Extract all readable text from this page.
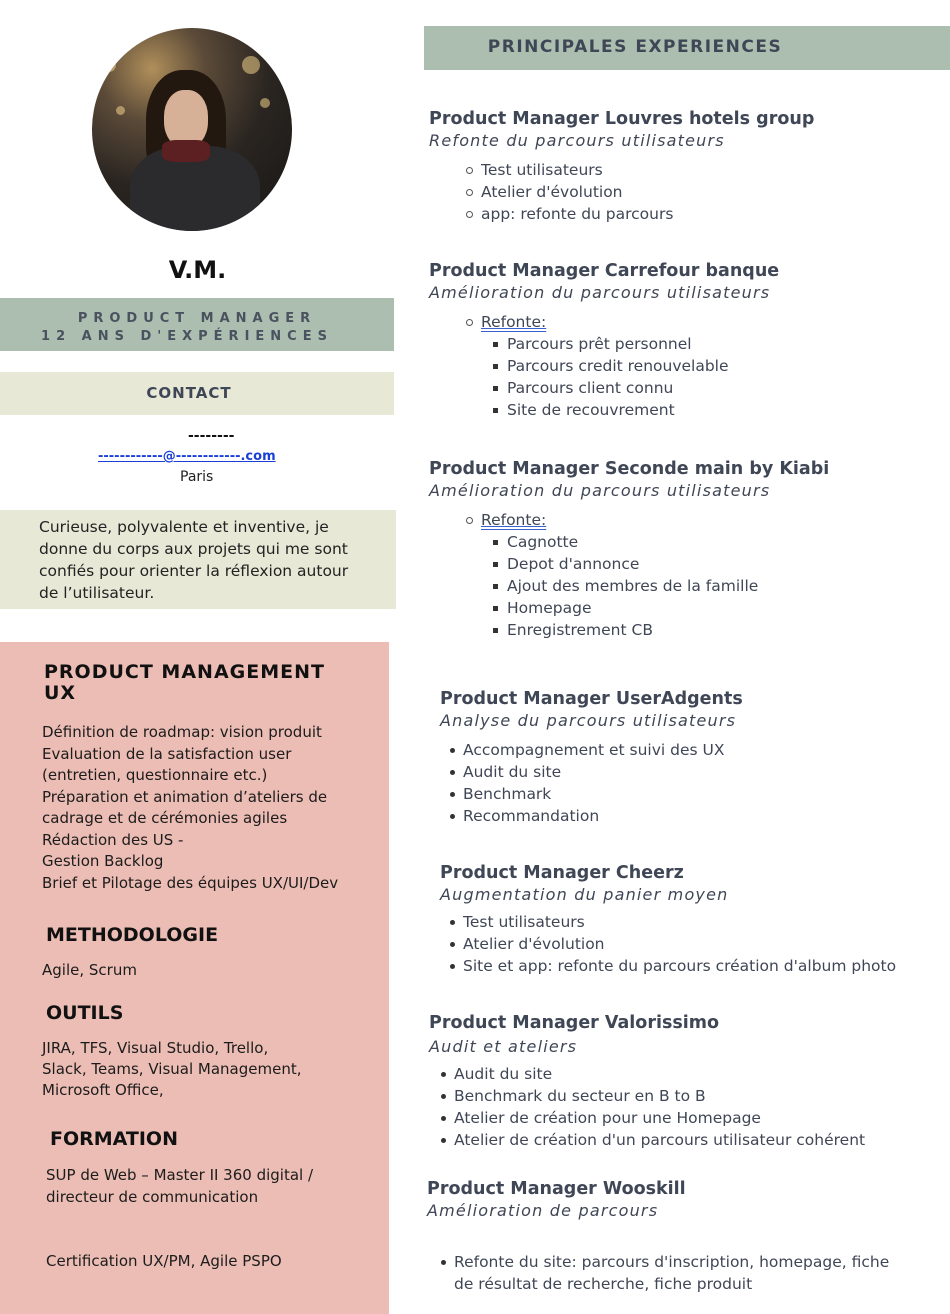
V.M.
PRODUCT MANAGER
12 ANS D'EXPÉRIENCES
CONTACT
--------
------------@------------.com
Paris
Curieuse, polyvalente et inventive, je donne du corps aux projets qui me sont confiés pour orienter la réflexion autour de l’utilisateur.
PRODUCT MANAGEMENT
UX
Définition de roadmap: vision produit
Evaluation de la satisfaction user
(entretien, questionnaire etc.)
Préparation et animation d’ateliers de
cadrage et de cérémonies agiles
Rédaction des US -
Gestion Backlog
Brief et Pilotage des équipes UX/UI/Dev
METHODOLOGIE
Agile, Scrum
OUTILS
JIRA, TFS, Visual Studio, Trello,
Slack, Teams, Visual Management,
Microsoft Office,
FORMATION
SUP de Web – Master II 360 digital / directeur de communication
Certification UX/PM, Agile PSPO
PRINCIPALES EXPERIENCES
Product Manager Louvres hotels group
Refonte du parcours utilisateurs
Test utilisateurs
Atelier d'évolution
app: refonte du parcours
Product Manager Carrefour banque
Amélioration du parcours utilisateurs
Refonte:
Parcours prêt personnel
Parcours credit renouvelable
Parcours client connu
Site de recouvrement
Product Manager Seconde main by Kiabi
Amélioration du parcours utilisateurs
Refonte:
Cagnotte
Depot d'annonce
Ajout des membres de la famille
Homepage
Enregistrement CB
Product Manager UserAdgents
Analyse du parcours utilisateurs
Accompagnement et suivi des UX
Audit du site
Benchmark
Recommandation
Product Manager Cheerz
Augmentation du panier moyen
Test utilisateurs
Atelier d'évolution
Site et app: refonte du parcours création d'album photo
Product Manager Valorissimo
Audit et ateliers
Audit du site
Benchmark du secteur en B to B
Atelier de création pour une Homepage
Atelier de création d'un parcours utilisateur cohérent
Product Manager Wooskill
Amélioration de parcours
Refonte du site: parcours d'inscription, homepage, fiche
de résultat de recherche, fiche produit
